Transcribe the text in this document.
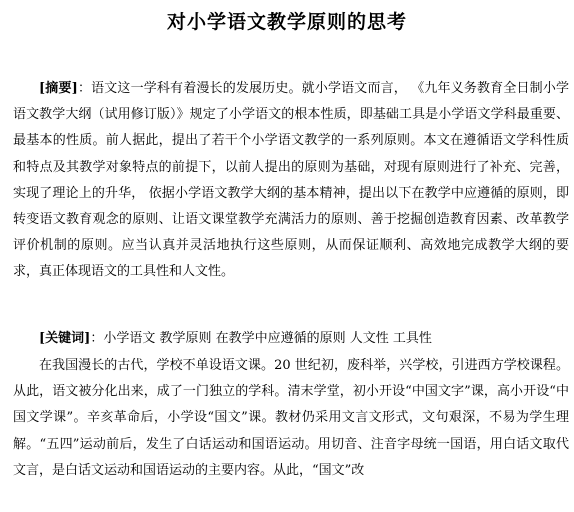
对小学语文教学原则的思考

[摘要]：语文这一学科有着漫长的发展历史。就小学语文而言， 《九年义务教育全日制小学语文教学大纲（试用修订版）》规定了小学语文的根本性质，即基础工具是小学语文学科最重要、最基本的性质。前人据此，提出了若干个小学语文教学的一系列原则。本文在遵循语文学科性质和特点及其教学对象特点的前提下，以前人提出的原则为基础，对现有原则进行了补充、完善，实现了理论上的升华， 依据小学语文教学大纲的基本精神，提出以下在教学中应遵循的原则，即转变语文教育观念的原则、让语文课堂教学充满活力的原则、善于挖掘创造教育因素、改革教学评价机制的原则。应当认真并灵活地执行这些原则，从而保证顺利、高效地完成教学大纲的要求，真正体现语文的工具性和人文性。

[关键词]：小学语文 教学原则 在教学中应遵循的原则 人文性 工具性

在我国漫长的古代，学校不单设语文课。20 世纪初，废科举，兴学校，引进西方学校课程。从此，语文被分化出来，成了一门独立的学科。清末学堂，初小开设“中国文字”课，高小开设“中国文学课”。辛亥革命后，小学设“国文”课。教材仍采用文言文形式，文句艰深，不易为学生理解。“五四”运动前后，发生了白话运动和国语运动。用切音、注音字母统一国语，用白话文取代文言，是白话文运动和国语运动的主要内容。从此，“国文”改
